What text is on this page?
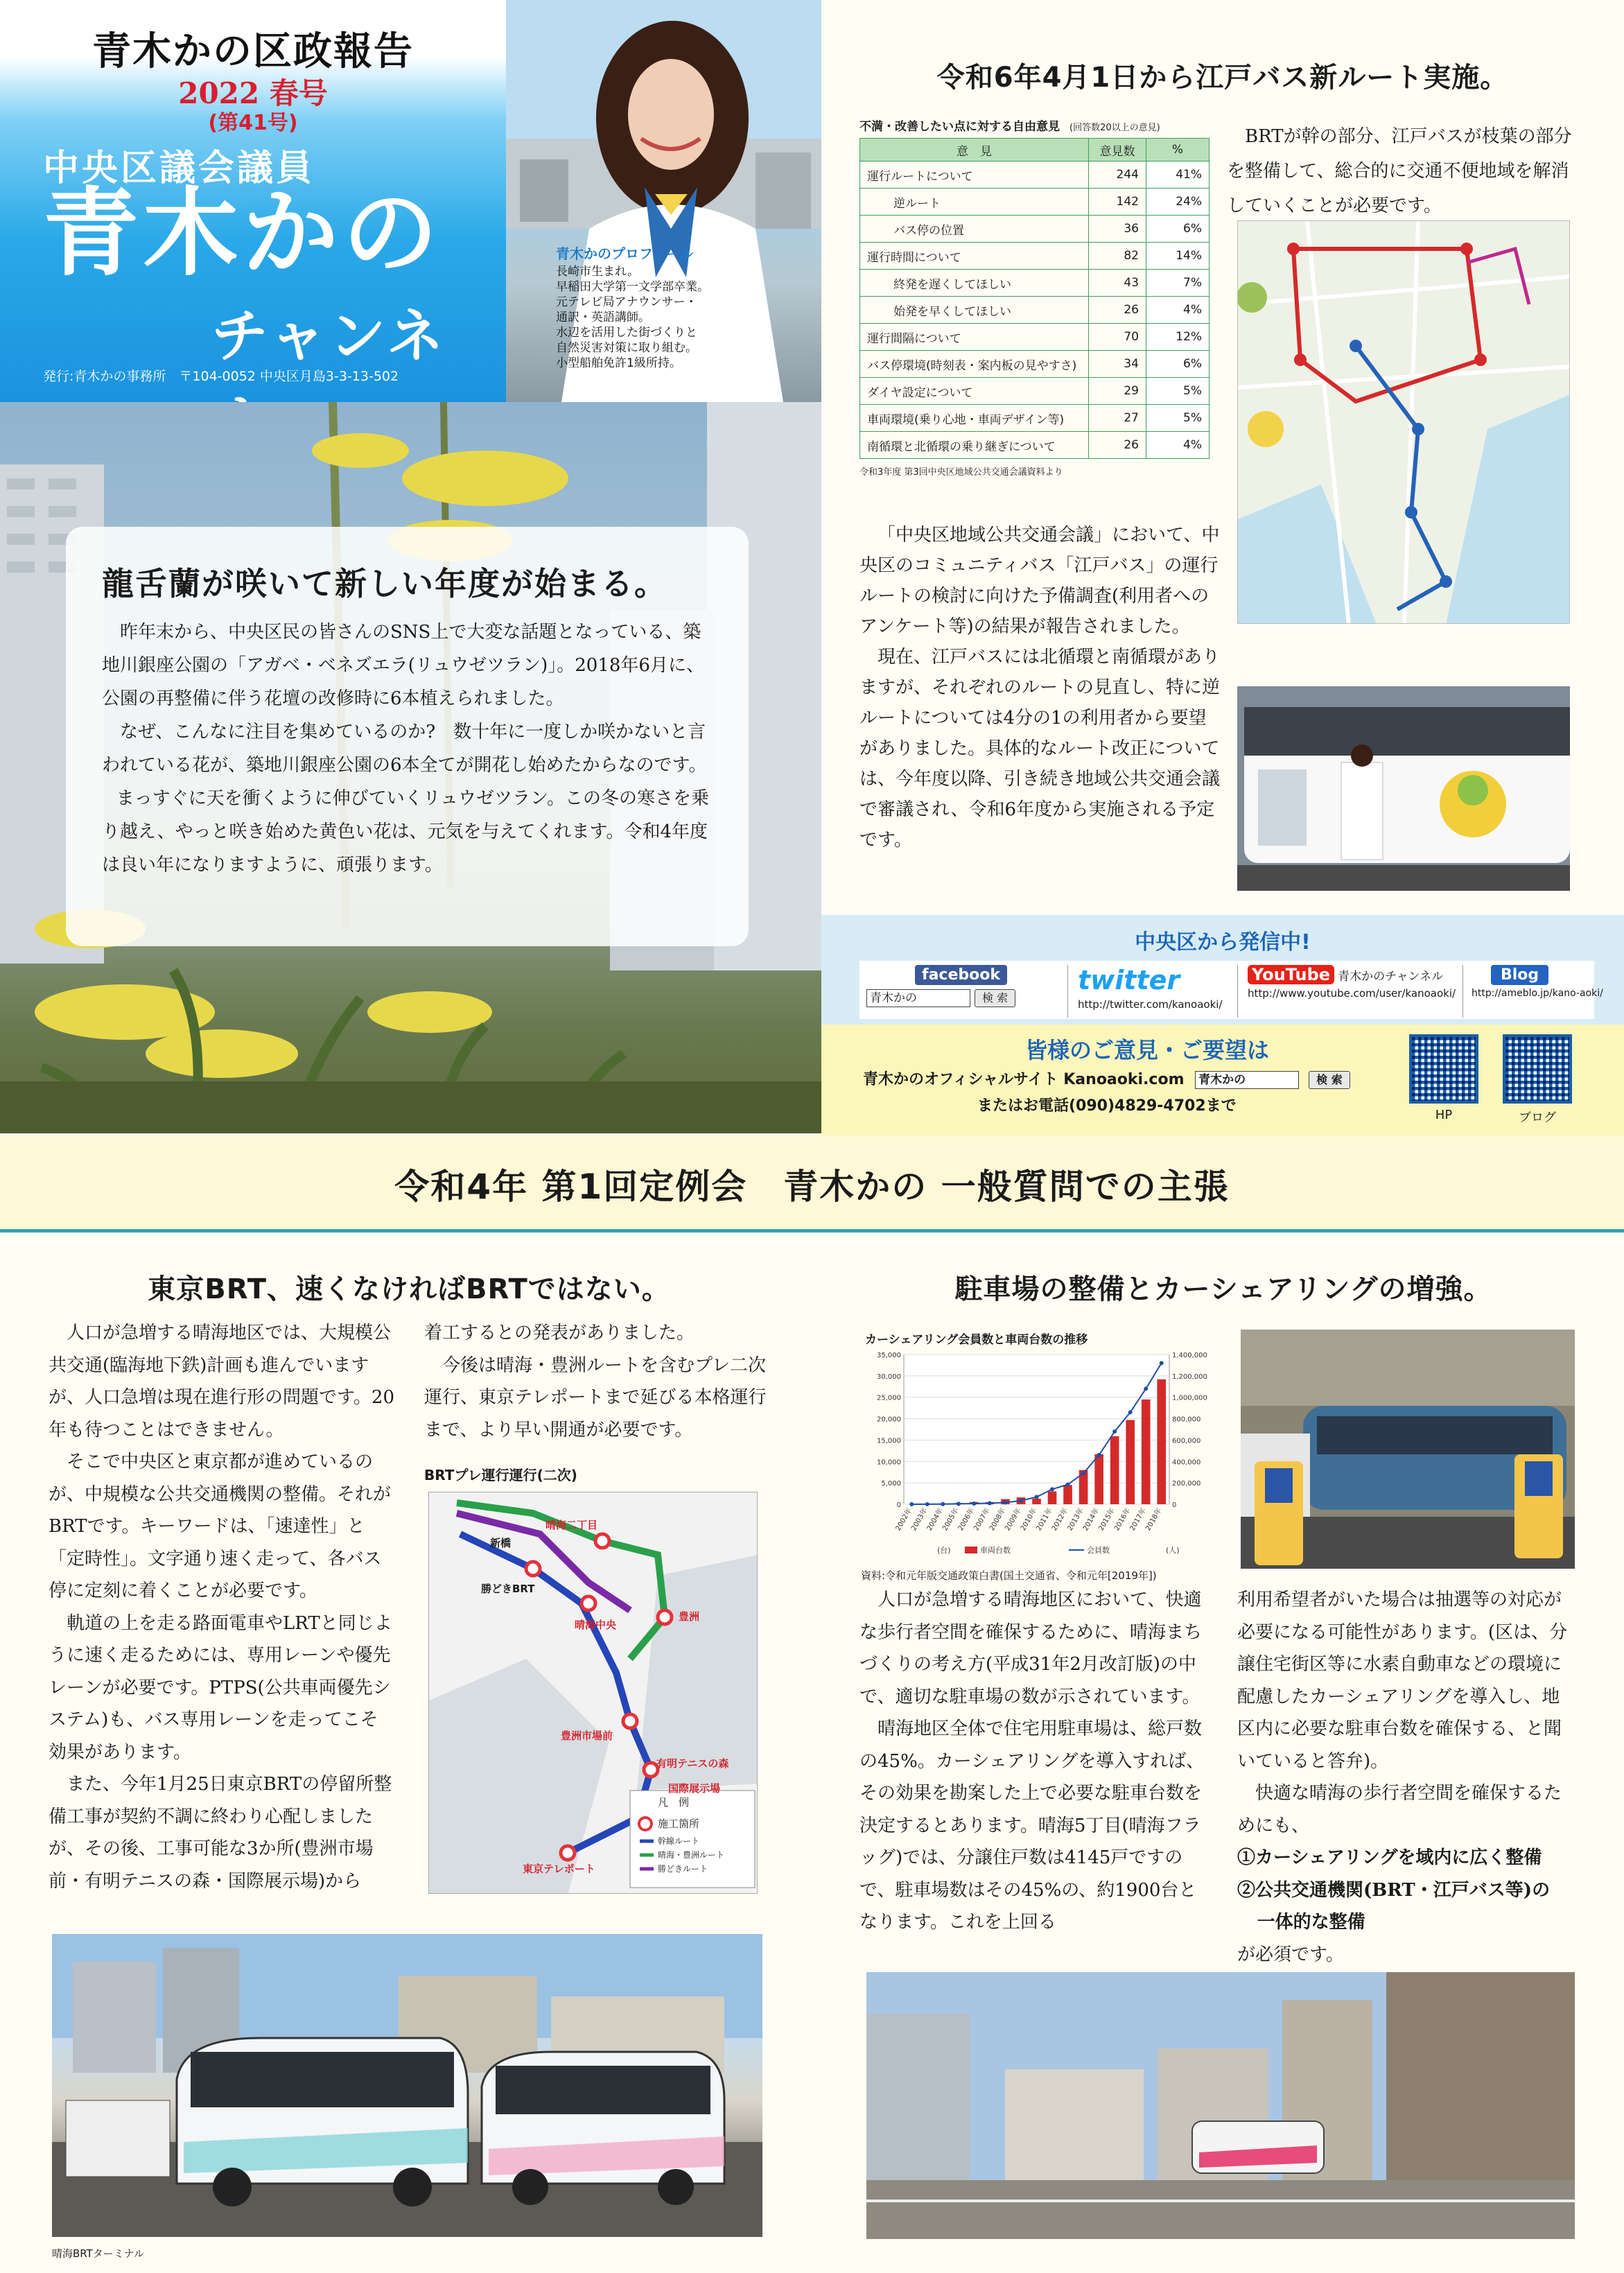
青木かの区政報告
2022 春号
(第41号)
中央区議会議員
青木かの
チャンネ
発行:青木かの事務所　〒104-0052 中央区月島3-3-13-502
青木かのプロフィール
長崎市生まれ。
早稲田大学第一文学部卒業。
元テレビ局アナウンサー・
通訳・英語講師。
水辺を活用した街づくりと
自然災害対策に取り組む。
小型船舶免許1級所持。
龍舌蘭が咲いて新しい年度が始まる。

昨年末から、中央区民の皆さんのSNS上で大変な話題となっている、築地川銀座公園の「アガベ・ベネズエラ(リュウゼツラン)」。2018年6月に、公園の再整備に伴う花壇の改修時に6本植えられました。

なぜ、こんなに注目を集めているのか?　数十年に一度しか咲かないと言われている花が、築地川銀座公園の6本全てが開花し始めたからなのです。

まっすぐに天を衝くように伸びていくリュウゼツラン。この冬の寒さを乗り越え、やっと咲き始めた黄色い花は、元気を与えてくれます。令和4年度は良い年になりますように、頑張ります。

令和6年4月1日から江戸バス新ルート実施。
不満・改善したい点に対する自由意見 (回答数20以上の意見)
意　見	意見数	%
運行ルートについて	244	41%
逆ルート	142	24%
バス停の位置	36	6%
運行時間について	82	14%
終発を遅くしてほしい	43	7%
始発を早くしてほしい	26	4%
運行間隔について	70	12%
バス停環境(時刻表・案内板の見やすさ)	34	6%
ダイヤ設定について	29	5%
車両環境(乗り心地・車両デザイン等)	27	5%
南循環と北循環の乗り継ぎについて	26	4%
令和3年度 第3回中央区地域公共交通会議資料より

BRTが幹の部分、江戸バスが枝葉の部分を整備して、総合的に交通不便地域を解消していくことが必要です。

「中央区地域公共交通会議」において、中央区のコミュニティバス「江戸バス」の運行ルートの検討に向けた予備調査(利用者へのアンケート等)の結果が報告されました。

現在、江戸バスには北循環と南循環がありますが、それぞれのルートの見直し、特に逆ルートについては4分の1の利用者から要望がありました。具体的なルート改正については、今年度以降、引き続き地域公共交通会議で審議され、令和6年度から実施される予定です。

中央区から発信中!
facebook
青木かの	検 索
twitter
http://twitter.com/kanoaoki/
YouTube 青木かのチャンネル
http://www.youtube.com/user/kanoaoki/
Blog
http://ameblo.jp/kano-aoki/
皆様のご意見・ご要望は
青木かのオフィシャルサイト Kanoaoki.com 青木かの	検 索
またはお電話(090)4829-4702まで
HP	ブログ
令和4年 第1回定例会　青木かの 一般質問での主張
東京BRT、速くなければBRTではない。

人口が急増する晴海地区では、大規模公共交通(臨海地下鉄)計画も進んでいますが、人口急増は現在進行形の問題です。20年も待つことはできません。

そこで中央区と東京都が進めているのが、中規模な公共交通機関の整備。それがBRTです。キーワードは、「速達性」と「定時性」。文字通り速く走って、各バス停に定刻に着くことが必要です。

軌道の上を走る路面電車やLRTと同じように速く走るためには、専用レーンや優先レーンが必要です。PTPS(公共車両優先システム)も、バス専用レーンを走ってこそ効果があります。

また、今年1月25日東京BRTの停留所整備工事が契約不調に終わり心配しましたが、その後、工事可能な3か所(豊洲市場前・有明テニスの森・国際展示場)から

着工するとの発表がありました。

今後は晴海・豊洲ルートを含むプレ二次運行、東京テレポートまで延びる本格運行まで、より早い開通が必要です。

BRTプレ運行運行(二次)
新橋
勝どきBRT
晴海二丁目
晴海中央
豊洲
豊洲市場前
有明テニスの森
国際展示場
東京テレポート
凡　例
施工箇所
幹線ルート
晴海・豊洲ルート
勝どきルート
晴海BRTターミナル
駐車場の整備とカーシェアリングの増強。
カーシェアリング会員数と車両台数の推移
0
5,000
10,000
15,000
20,000
25,000
30,000
35,000
0
200,000
400,000
600,000
800,000
1,000,000
1,200,000
1,400,000
2002年
2003年
2004年
2005年
2006年
2007年
2008年
2009年
2010年
2011年
2012年
2013年
2014年
2015年
2016年
2017年
2018年
車両台数	会員数
(台)	(人)
資料:令和元年版交通政策白書(国土交通省、令和元年[2019年])

人口が急増する晴海地区において、快適な歩行者空間を確保するために、晴海まちづくりの考え方(平成31年2月改訂版)の中で、適切な駐車場の数が示されています。

晴海地区全体で住宅用駐車場は、総戸数の45%。カーシェアリングを導入すれば、その効果を勘案した上で必要な駐車台数を決定するとあります。晴海5丁目(晴海フラッグ)では、分譲住戸数は4145戸ですので、駐車場数はその45%の、約1900台となります。これを上回る

利用希望者がいた場合は抽選等の対応が必要になる可能性があります。(区は、分譲住宅街区等に水素自動車などの環境に配慮したカーシェアリングを導入し、地区内に必要な駐車台数を確保する、と聞いていると答弁)。

快適な晴海の歩行者空間を確保するためにも、

①カーシェアリングを域内に広く整備
②公共交通機関(BRT・江戸バス等)の
一体的な整備
が必須です。
